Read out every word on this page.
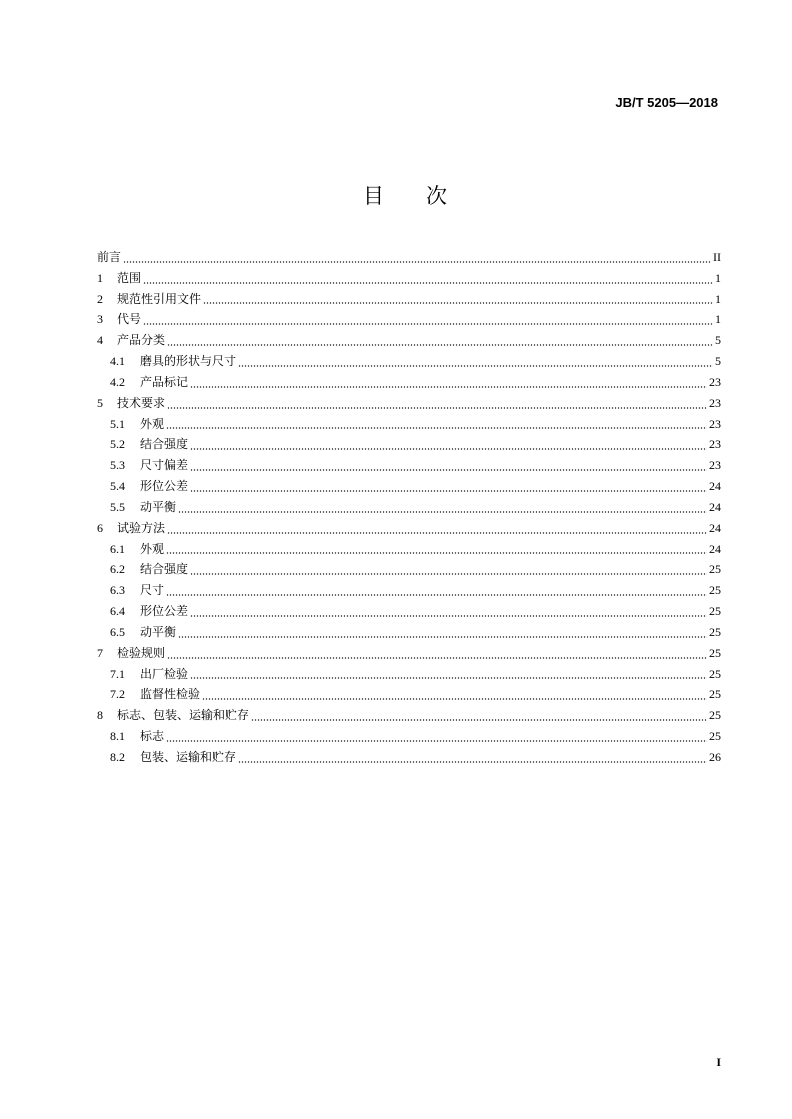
JB/T 5205—2018
目　　次
前言	II
1	范围	1
2	规范性引用文件	1
3	代号	1
4	产品分类	5
4.1	磨具的形状与尺寸	5
4.2	产品标记	23
5	技术要求	23
5.1	外观	23
5.2	结合强度	23
5.3	尺寸偏差	23
5.4	形位公差	24
5.5	动平衡	24
6	试验方法	24
6.1	外观	24
6.2	结合强度	25
6.3	尺寸	25
6.4	形位公差	25
6.5	动平衡	25
7	检验规则	25
7.1	出厂检验	25
7.2	监督性检验	25
8	标志、包装、运输和贮存	25
8.1	标志	25
8.2	包装、运输和贮存	26
I
